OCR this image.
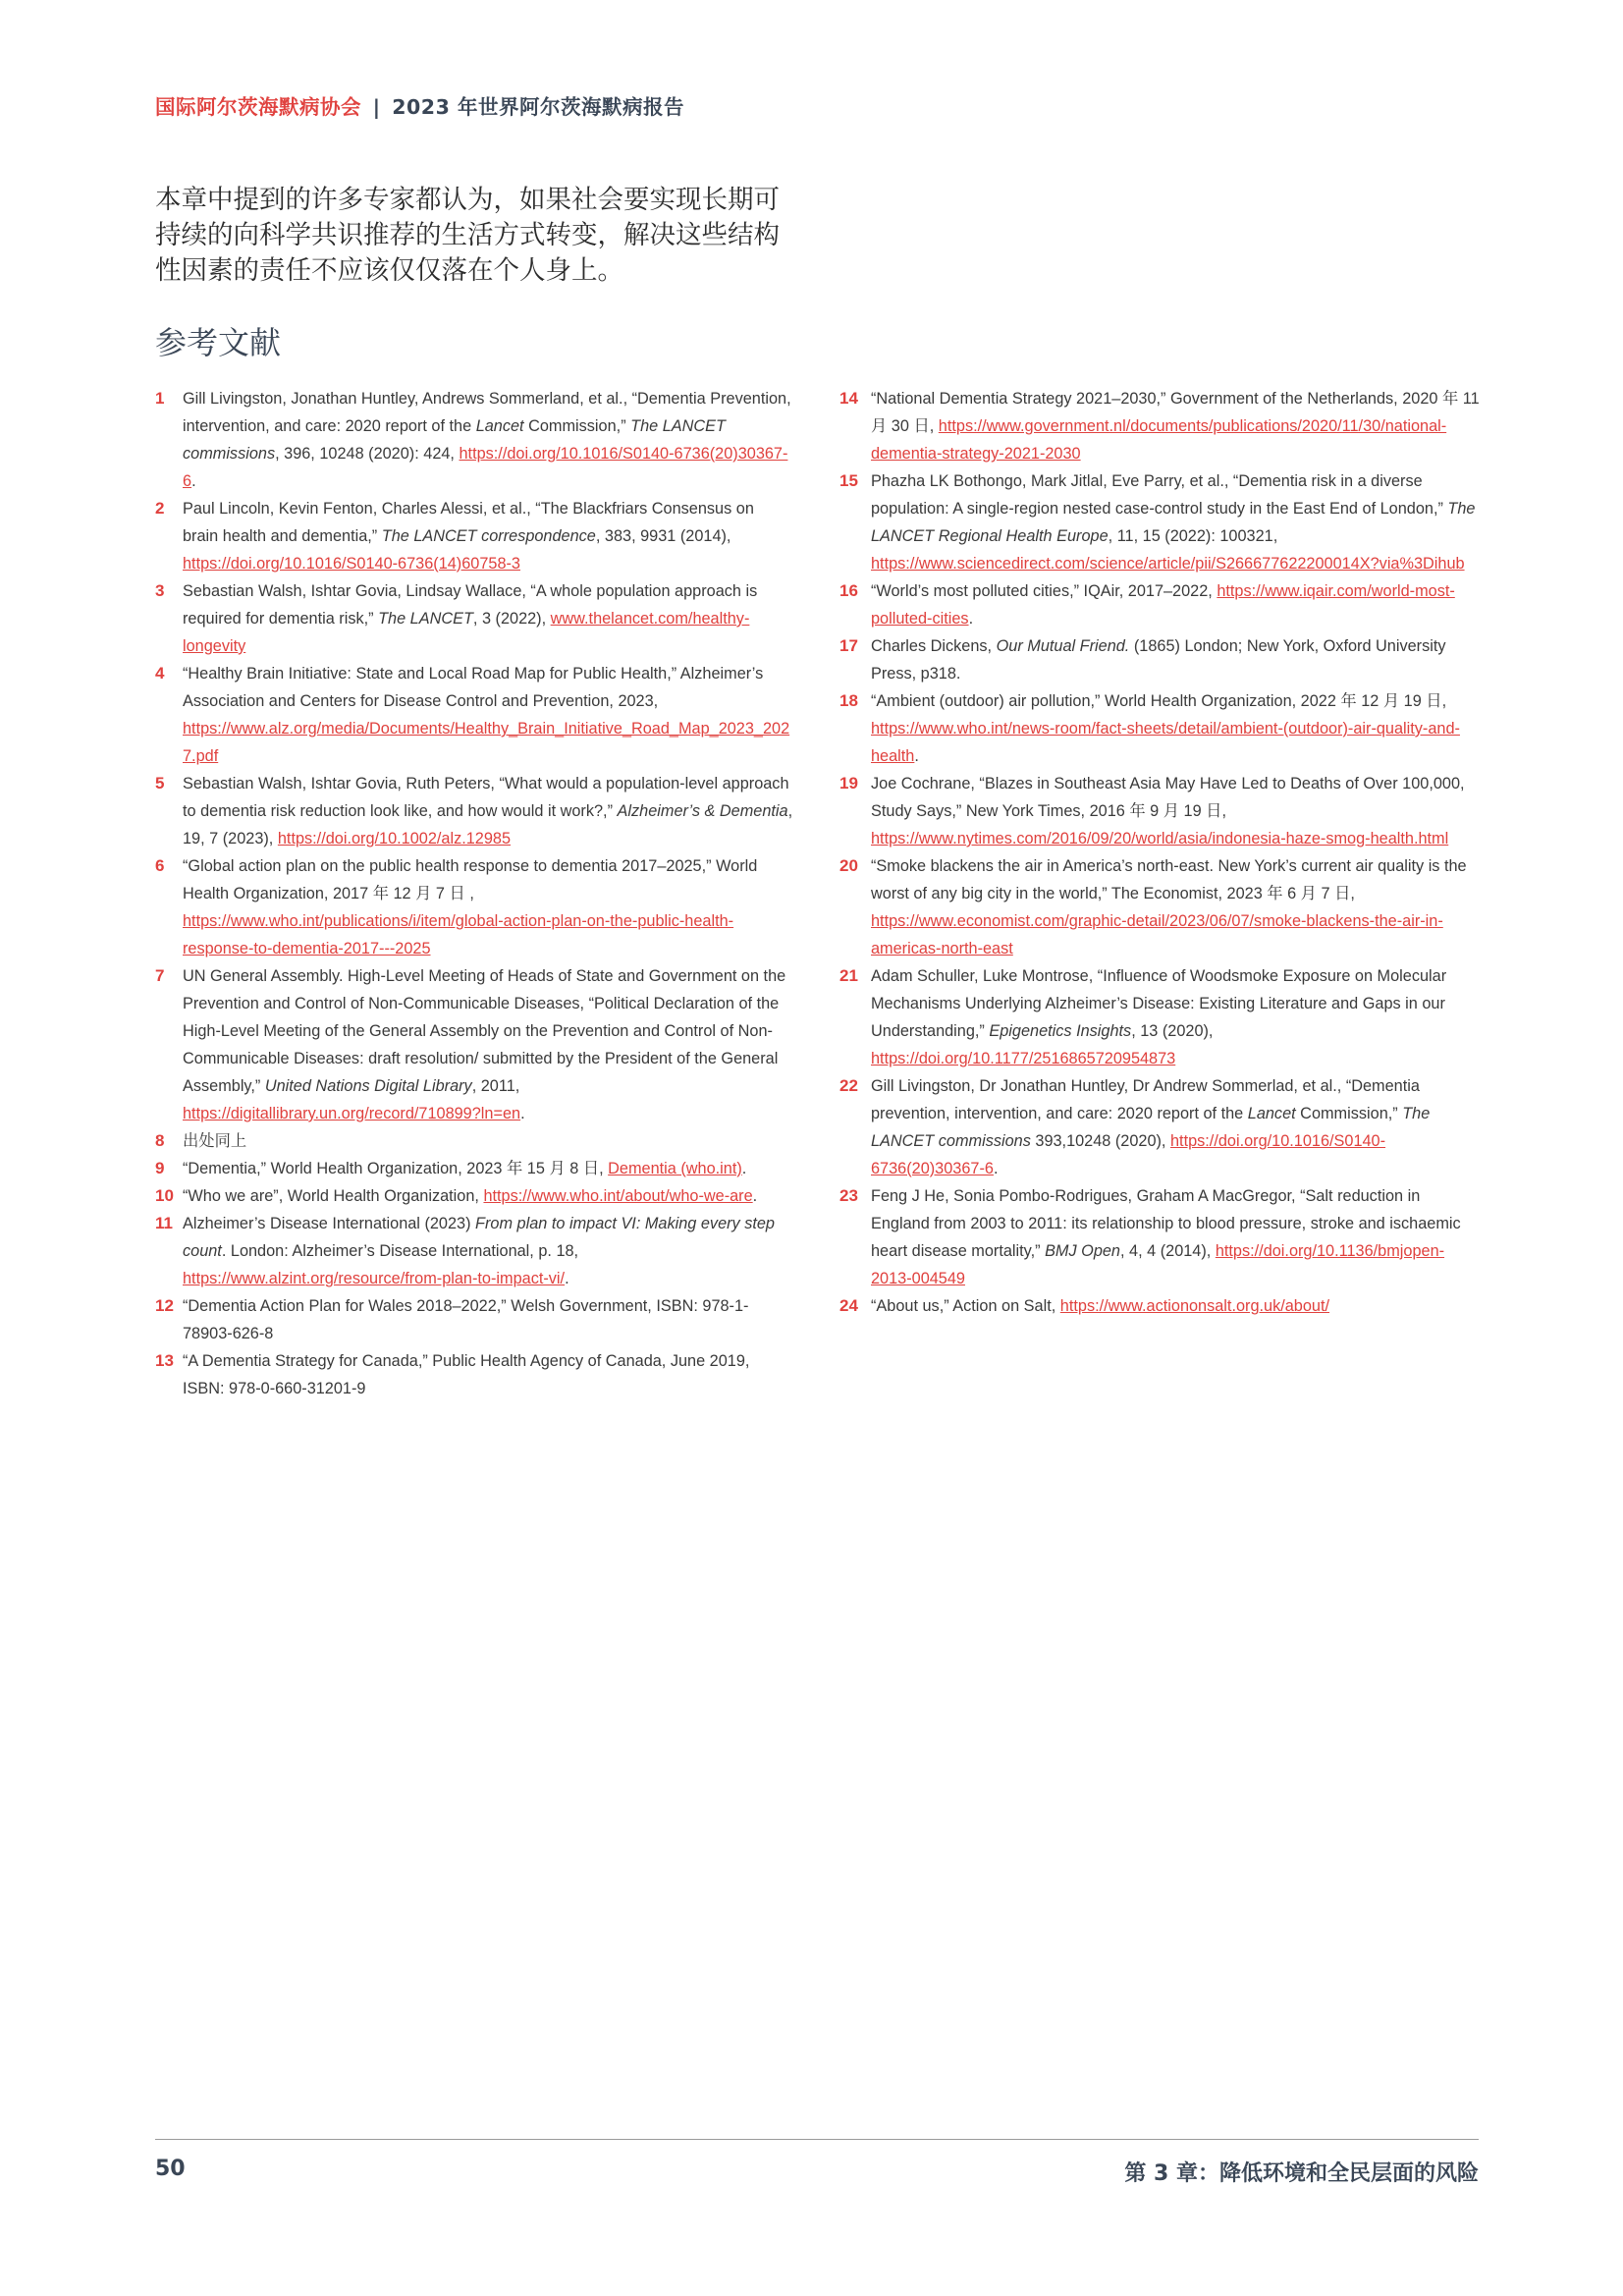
国际阿尔茨海默病协会 | 2023 年世界阿尔茨海默病报告

本章中提到的许多专家都认为，如果社会要实现长期可持续的向科学共识推荐的生活方式转变，解决这些结构性因素的责任不应该仅仅落在个人身上。

参考文献
1 Gill Livingston, Jonathan Huntley, Andrews Sommerland, et al., “Dementia Prevention, intervention, and care: 2020 report of the Lancet Commission,” The LANCET commissions, 396, 10248 (2020): 424, https://doi.org/10.1016/S0140-6736(20)30367-6.
2 Paul Lincoln, Kevin Fenton, Charles Alessi, et al., “The Blackfriars Consensus on brain health and dementia,” The LANCET correspondence, 383, 9931 (2014), https://doi.org/10.1016/S0140-6736(14)60758-3
3 Sebastian Walsh, Ishtar Govia, Lindsay Wallace, “A whole population approach is required for dementia risk,” The LANCET, 3 (2022), www.thelancet.com/healthy-longevity
4 “Healthy Brain Initiative: State and Local Road Map for Public Health,” Alzheimer’s Association and Centers for Disease Control and Prevention, 2023, https://www.alz.org/media/Documents/Healthy_Brain_Initiative_Road_Map_2023_2027.pdf
5 Sebastian Walsh, Ishtar Govia, Ruth Peters, “What would a population-level approach to dementia risk reduction look like, and how would it work?,” Alzheimer’s & Dementia, 19, 7 (2023), https://doi.org/10.1002/alz.12985
6 “Global action plan on the public health response to dementia 2017–2025,” World Health Organization, 2017 年 12 月 7 日 , https://www.who.int/publications/i/item/global-action-plan-on-the-public-health-response-to-dementia-2017---2025
7 UN General Assembly. High-Level Meeting of Heads of State and Government on the Prevention and Control of Non-Communicable Diseases, “Political Declaration of the High-Level Meeting of the General Assembly on the Prevention and Control of Non-Communicable Diseases: draft resolution/ submitted by the President of the General Assembly,” United Nations Digital Library, 2011, https://digitallibrary.un.org/record/710899?ln=en.
8 出处同上
9 “Dementia,” World Health Organization, 2023 年 15 月 8 日, Dementia (who.int).
10 “Who we are”, World Health Organization, https://www.who.int/about/who-we-are.
11 Alzheimer’s Disease International (2023) From plan to impact VI: Making every step count. London: Alzheimer’s Disease International, p. 18, https://www.alzint.org/resource/from-plan-to-impact-vi/.
12 “Dementia Action Plan for Wales 2018–2022,” Welsh Government, ISBN: 978-1-78903-626-8
13 “A Dementia Strategy for Canada,” Public Health Agency of Canada, June 2019, ISBN: 978-0-660-31201-9
14 “National Dementia Strategy 2021–2030,” Government of the Netherlands, 2020 年 11 月 30 日, https://www.government.nl/documents/publications/2020/11/30/national-dementia-strategy-2021-2030
15 Phazha LK Bothongo, Mark Jitlal, Eve Parry, et al., “Dementia risk in a diverse population: A single-region nested case-control study in the East End of London,” The LANCET Regional Health Europe, 11, 15 (2022): 100321, https://www.sciencedirect.com/science/article/pii/S266677622200014X?via%3Dihub
16 “World’s most polluted cities,” IQAir, 2017–2022, https://www.iqair.com/world-most-polluted-cities.
17 Charles Dickens, Our Mutual Friend. (1865) London; New York, Oxford University Press, p318.
18 “Ambient (outdoor) air pollution,” World Health Organization, 2022 年 12 月 19 日, https://www.who.int/news-room/fact-sheets/detail/ambient-(outdoor)-air-quality-and-health.
19 Joe Cochrane, “Blazes in Southeast Asia May Have Led to Deaths of Over 100,000, Study Says,” New York Times, 2016 年 9 月 19 日, https://www.nytimes.com/2016/09/20/world/asia/indonesia-haze-smog-health.html
20 “Smoke blackens the air in America’s north-east. New York’s current air quality is the worst of any big city in the world,” The Economist, 2023 年 6 月 7 日, https://www.economist.com/graphic-detail/2023/06/07/smoke-blackens-the-air-in-americas-north-east
21 Adam Schuller, Luke Montrose, “Influence of Woodsmoke Exposure on Molecular Mechanisms Underlying Alzheimer’s Disease: Existing Literature and Gaps in our Understanding,” Epigenetics Insights, 13 (2020), https://doi.org/10.1177/2516865720954873
22 Gill Livingston, Dr Jonathan Huntley, Dr Andrew Sommerlad, et al., “Dementia prevention, intervention, and care: 2020 report of the Lancet Commission,” The LANCET commissions 393,10248 (2020), https://doi.org/10.1016/S0140-6736(20)30367-6.
23 Feng J He, Sonia Pombo-Rodrigues, Graham A MacGregor, “Salt reduction in England from 2003 to 2011: its relationship to blood pressure, stroke and ischaemic heart disease mortality,” BMJ Open, 4, 4 (2014), https://doi.org/10.1136/bmjopen-2013-004549
24 “About us,” Action on Salt, https://www.actiononsalt.org.uk/about/
50	第 3 章：降低环境和全民层面的风险
